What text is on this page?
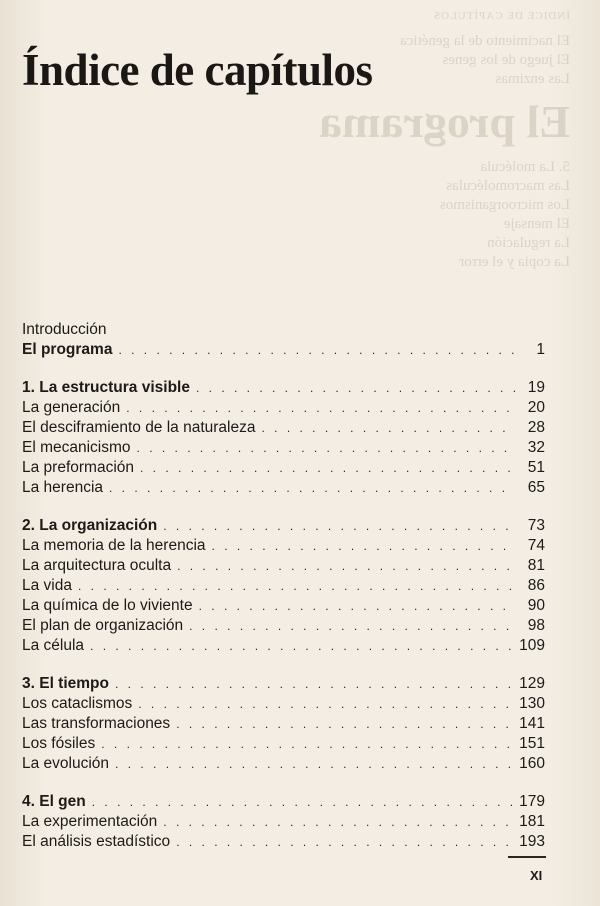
ÍNDICE DE CAPÍTULOS
El nacimiento de la genética
El juego de los genes
Las enzimas
El programa
5. La molécula
Las macromoléculas
Los microorganismos
El mensaje
La regulación
La copia y el error
Índice de capítulos
Introducción
El programa . . .	1
1. La estructura visible . . .	19
La generación . . .	20
El desciframiento de la naturaleza . . .	28
El mecanicismo . . .	32
La preformación . . .	51
La herencia . . .	65
2. La organización . . .	73
La memoria de la herencia . . .	74
La arquitectura oculta . . .	81
La vida . . .	86
La química de lo viviente . . .	90
El plan de organización . . .	98
La célula . . .	109
3. El tiempo . . .	129
Los cataclismos . . .	130
Las transformaciones . . .	141
Los fósiles . . .	151
La evolución . . .	160
4. El gen . . .	179
La experimentación . . .	181
El análisis estadístico . . .	193
XI
